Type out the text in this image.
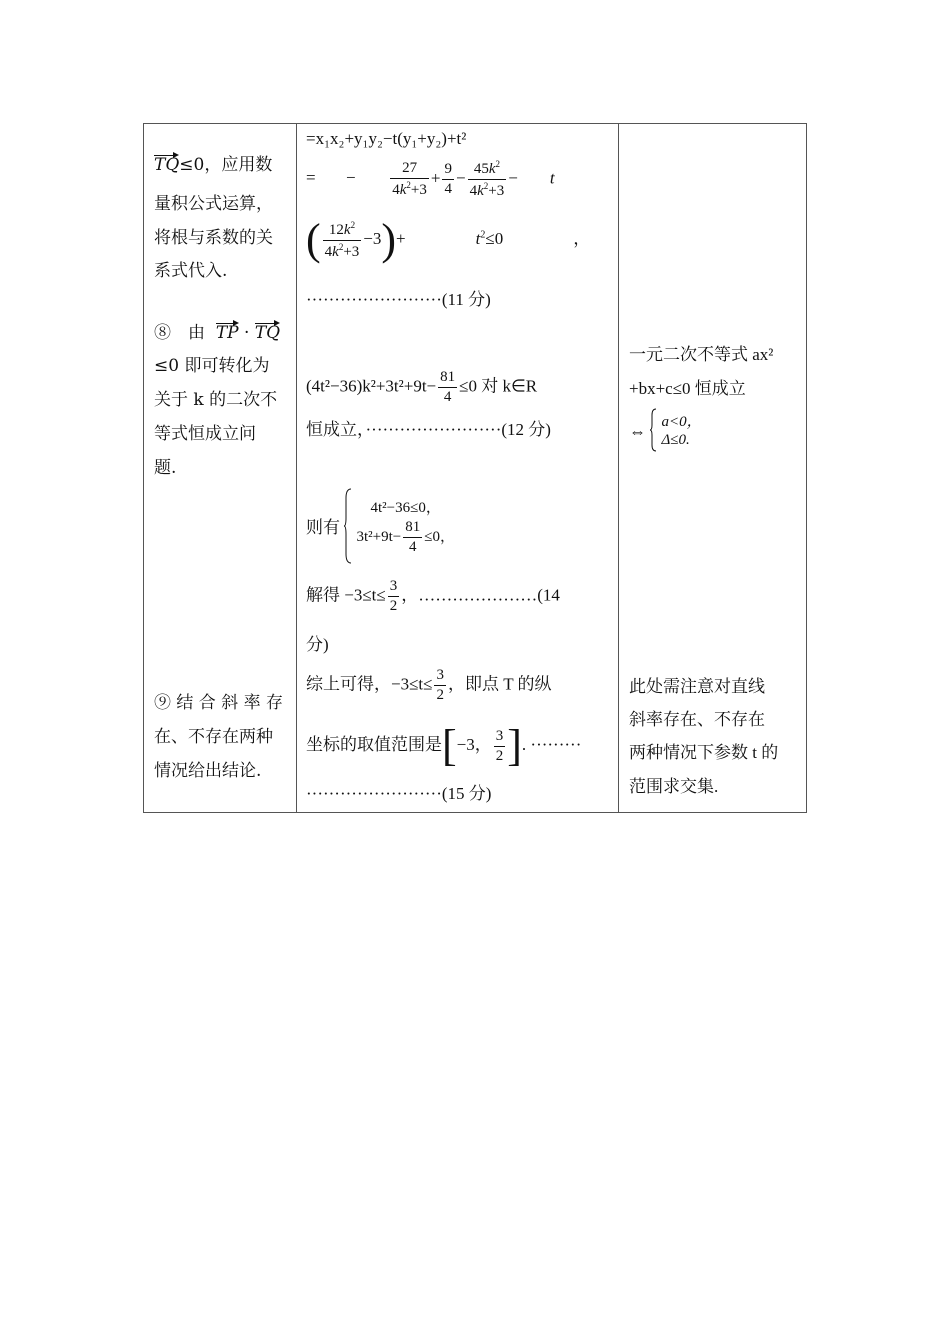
TQ≤0，应用数
量积公式运算，
将根与系数的关
系式代入.
⑧　由 TP · TQ
≤0 即可转化为
关于 k 的二次不
等式恒成立问
题.
⑨ 结 合 斜 率 存
在、不存在两种
情况给出结论.
=x₁x₂+y₁y₂−t(y₁+y₂)+t²
= − $\frac{27}{4k^2+3} + \frac{9}{4} - \frac{45k^2}{4k^2+3} - t$
( $\frac{12k^2}{4k^2+3} -3)+$	$t^2\le 0$	，
························(11 分)
$(4t^2-36)k^2+3t^2+9t- \frac{81}{4} \le 0$ 对 k∈R
恒成立，························(12 分)
则有
4t²−36≤0，
$3t^2+9t- \frac{81}{4} \le 0$，
解得 $-3\le t\le \frac{3}{2}$ ，…………………(14
分)
综上可得，$-3\le t\le \frac{3}{2}$ ，即点 T 的纵
坐标的取值范围是[−3， $\frac{3}{2}$ ]. ·········
························(15 分)
一元二次不等式 ax²
+bx+c≤0 恒成立
⇔ a<0，
Δ≤0.
此处需注意对直线
斜率存在、不存在
两种情况下参数 t 的
范围求交集.
